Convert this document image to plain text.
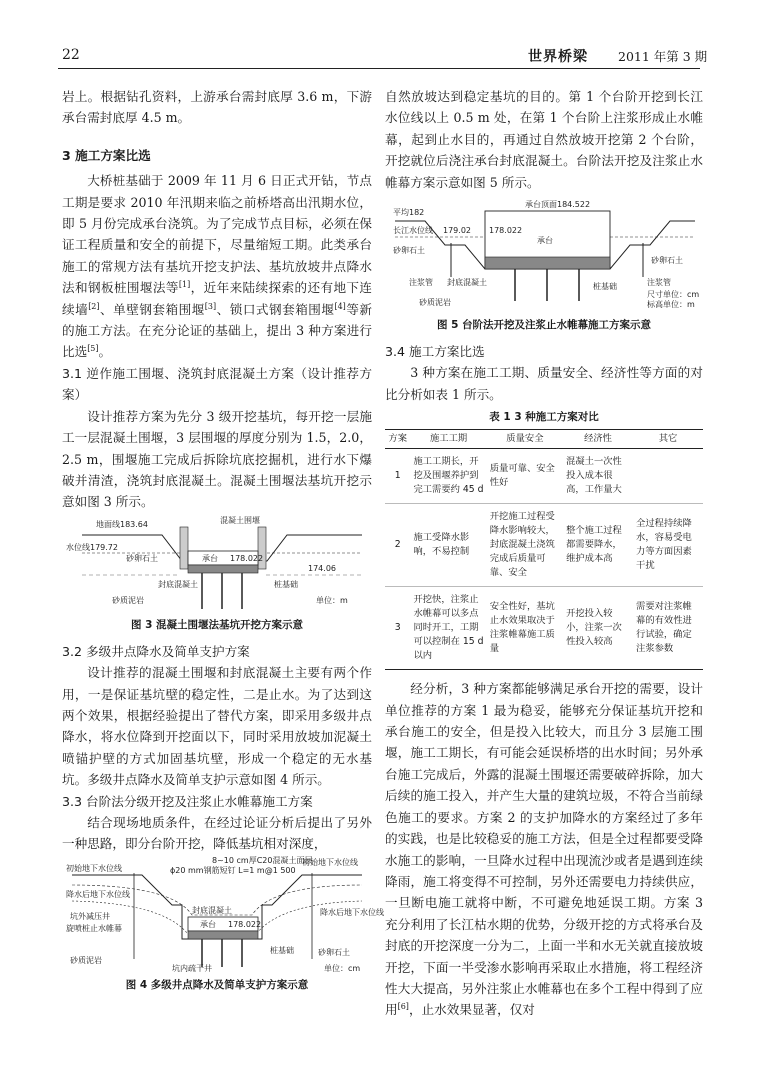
22	世界桥梁 2011 年第 3 期

岩上。根据钻孔资料，上游承台需封底厚 3.6 m，下游承台需封底厚 4.5 m。

3 施工方案比选

大桥桩基础于 2009 年 11 月 6 日正式开钻，节点工期是要求 2010 年汛期来临之前桥塔高出汛期水位，即 5 月份完成承台浇筑。为了完成节点目标，必须在保证工程质量和安全的前提下，尽量缩短工期。此类承台施工的常规方法有基坑开挖支护法、基坑放坡井点降水法和钢板桩围堰法等[1]，近年来陆续探索的还有地下连续墙[2]、单壁钢套箱围堰[3]、锁口式钢套箱围堰[4]等新的施工方法。在充分论证的基础上，提出 3 种方案进行比选[5]。

3.1 逆作施工围堰、浇筑封底混凝土方案（设计推荐方案）

设计推荐方案为先分 3 级开挖基坑，每开挖一层施工一层混凝土围堰，3 层围堰的厚度分别为 1.5，2.0，2.5 m，围堰施工完成后拆除坑底挖掘机，进行水下爆破并清渣，浇筑封底混凝土。混凝土围堰法基坑开挖示意如图 3 所示。

地面线183.64	混凝土围堰
水位线179.72
砂卵石土	承台 178.022
174.06
封底混凝土	桩基础
砂质泥岩	单位：m

图 3 混凝土围堰法基坑开挖方案示意

3.2 多级井点降水及简单支护方案

设计推荐的混凝土围堰和封底混凝土主要有两个作用，一是保证基坑壁的稳定性，二是止水。为了达到这两个效果，根据经验提出了替代方案，即采用多级井点降水，将水位降到开挖面以下，同时采用放坡加泥凝土喷锚护壁的方式加固基坑壁，形成一个稳定的无水基坑。多级井点降水及简单支护示意如图 4 所示。

3.3 台阶法分级开挖及注浆止水帷幕施工方案

结合现场地质条件，在经过论证分析后提出了另外一种思路，即分台阶开挖，降低基坑相对深度，

8~10 cm厚C20混凝土面层
ϕ20 mm钢筋短钉 L=1 m@1 500
初始地下水位线
初始地下水位线
降水后地下水位线
坑外减压井
旋喷桩止水帷幕	承台 178.022
封底混凝土	降水后地下水位线
桩基础	砂卵石土
砂质泥岩
坑内疏干井	单位：cm

图 4 多级井点降水及简单支护方案示意

自然放坡达到稳定基坑的目的。第 1 个台阶开挖到长江水位线以上 0.5 m 处，在第 1 个台阶上注浆形成止水帷幕，起到止水目的，再通过自然放坡开挖第 2 个台阶，开挖就位后浇注承台封底混凝土。台阶法开挖及注浆止水帷幕方案示意如图 5 所示。

承台顶面184.522
平均182
长江水位线
砂卵石土
179.02 178.022
承台
砂卵石土
注浆管 封底混凝土	桩基础	注浆管
尺寸单位：cm
标高单位：m
砂质泥岩

图 5 台阶法开挖及注浆止水帷幕施工方案示意

3.4 施工方案比选

3 种方案在施工工期、质量安全、经济性等方面的对比分析如表 1 所示。

表 1 3 种施工方案对比

方案	施工工期	质量安全	经济性	其它
1	施工工期长，开挖及围堰养护到完工需要约 45 d	质量可靠、安全性好	混凝土一次性投入成本很高，工作量大	
2	施工受降水影响，不易控制	开挖施工过程受降水影响较大，封底混凝土浇筑完成后质量可靠、安全	整个施工过程都需要降水，维护成本高	全过程持续降水，容易受电力等方面因素干扰
3	开挖快，注浆止水帷幕可以多点同时开工，工期可以控制在 15 d 以内	安全性好，基坑止水效果取决于注浆帷幕施工质量	开挖投入较小，注浆一次性投入较高	需要对注浆帷幕的有效性进行试验，确定注浆参数

经分析，3 种方案都能够满足承台开挖的需要，设计单位推荐的方案 1 最为稳妥，能够充分保证基坑开挖和承台施工的安全，但是投入比较大，而且分 3 层施工围堰，施工工期长，有可能会延误桥塔的出水时间；另外承台施工完成后，外露的混凝土围堰还需要破碎拆除，加大后续的施工投入，并产生大量的建筑垃圾，不符合当前绿色施工的要求。方案 2 的支护加降水的方案经过了多年的实践，也是比较稳妥的施工方法，但是全过程都要受降水施工的影响，一旦降水过程中出现流沙或者是遇到连续降雨，施工将变得不可控制，另外还需要电力持续供应，一旦断电施工就将中断，不可避免地延误工期。方案 3 充分利用了长江枯水期的优势，分级开挖的方式将承台及封底的开挖深度一分为二，上面一半和水无关就直接放坡开挖，下面一半受渗水影响再采取止水措施，将工程经济性大大提高，另外注浆止水帷幕也在多个工程中得到了应用[6]，止水效果显著，仅对
